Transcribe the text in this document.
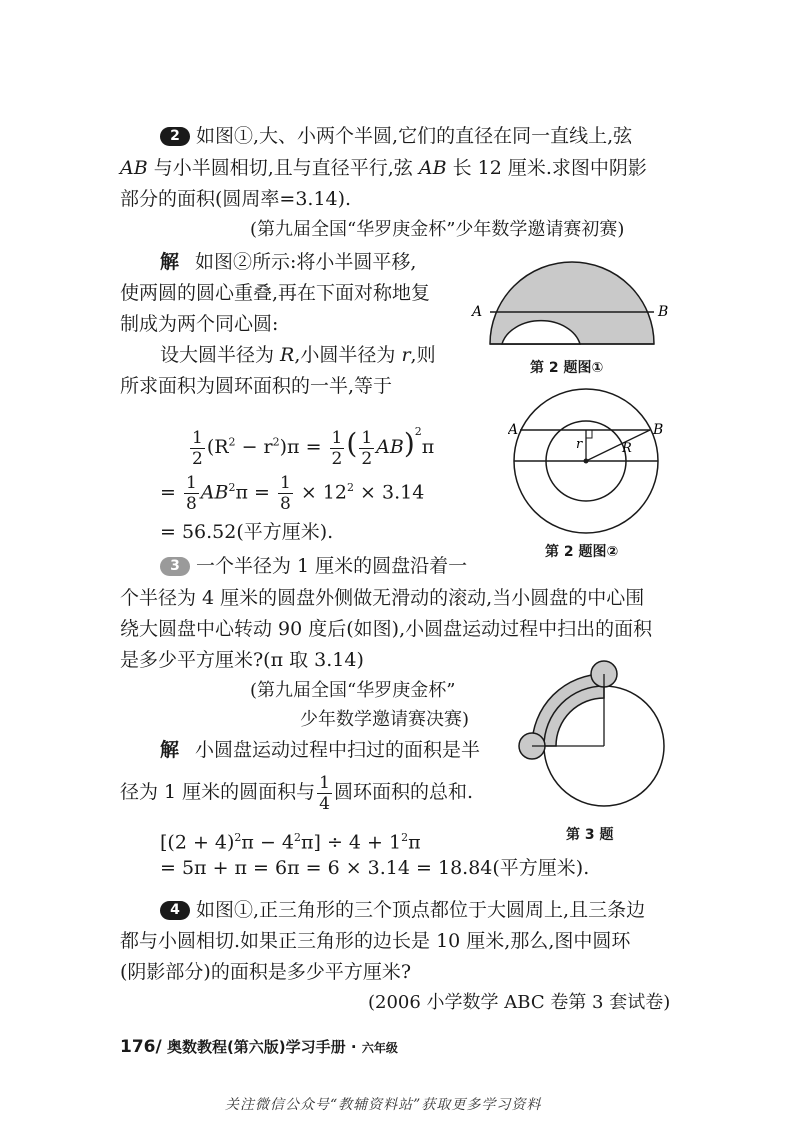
2 如图①,大、小两个半圆,它们的直径在同一直线上,弦
AB 与小半圆相切,且与直径平行,弦 AB 长 12 厘米.求图中阴影
部分的面积(圆周率=3.14).
(第九届全国“华罗庚金杯”少年数学邀请赛初赛)
解 如图②所示:将小半圆平移,
使两圆的圆心重叠,再在下面对称地复
制成为两个同心圆:
设大圆半径为 R,小圆半径为 r,则
所求面积为圆环面积的一半,等于
$\frac{1}{2} (R^2 - r^2)\pi = \frac{1}{2}$ ( $\frac{1}{2} AB)^2\pi$
= $\frac{1}{8} AB^2\pi = \frac{1}{8} \times 12^2 \times 3.14$
= 56.52(平方厘米).
A	B
第 2 题图①
A	B
r	R
第 2 题图②
3 一个半径为 1 厘米的圆盘沿着一
个半径为 4 厘米的圆盘外侧做无滑动的滚动,当小圆盘的中心围
绕大圆盘中心转动 90 度后(如图),小圆盘运动过程中扫出的面积
是多少平方厘米?(π 取 3.14)
(第九届全国“华罗庚金杯”
少年数学邀请赛决赛)
解 小圆盘运动过程中扫过的面积是半
径为 1 厘米的圆面积与 $\frac{1}{4}$ 圆环面积的总和.
$[(2 + 4)^2\pi - 4^2\pi] \div 4 + 1^2\pi$
= 5π + π = 6π = 6 × 3.14 = 18.84(平方厘米).
第 3 题
4 如图①,正三角形的三个顶点都位于大圆周上,且三条边
都与小圆相切.如果正三角形的边长是 10 厘米,那么,图中圆环
(阴影部分)的面积是多少平方厘米?
(2006 小学数学 ABC 卷第 3 套试卷)
176/ 奥数教程(第六版)学习手册 · 六年级
关注微信公众号“教辅资料站”获取更多学习资料
